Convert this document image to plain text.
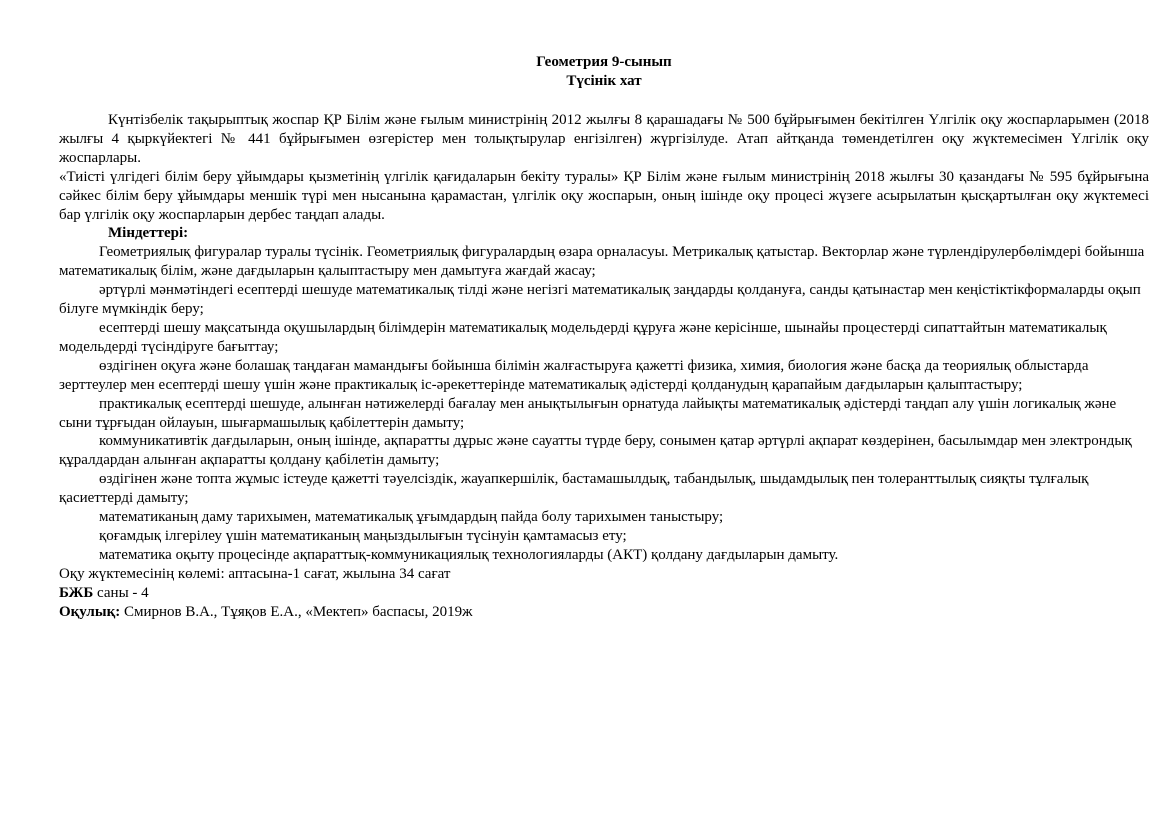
Геометрия 9-сынып

Түсінік хат

Күнтізбелік тақырыптық жоспар ҚР Білім және ғылым министрінің 2012 жылғы 8 қарашадағы № 500 бұйрығымен бекітілген Үлгілік оқу жоспарларымен (2018 жылғы 4 қыркүйектегі № 441 бұйрығымен өзгерістер мен толықтырулар енгізілген) жүргізілуде. Атап айтқанда төмендетілген оқу жүктемесімен Үлгілік оқу жоспарлары.

«Тиісті үлгідегі білім беру ұйымдары қызметінің үлгілік қағидаларын бекіту туралы» ҚР Білім және ғылым министрінің 2018 жылғы 30 қазандағы № 595 бұйрығына сәйкес білім беру ұйымдары меншік түрі мен нысанына қарамастан, үлгілік оқу жоспарын, оның ішінде оқу процесі жүзеге асырылатын қысқартылған оқу жүктемесі бар үлгілік оқу жоспарларын дербес таңдап алады.

Міндеттері:

Геометриялық фигуралар туралы түсінік. Геометриялық фигуралардың өзара орналасуы. Метрикалық қатыстар. Векторлар және түрлендірулербөлімдері бойынша математикалық білім, және дағдыларын қалыптастыру мен дамытуға жағдай жасау;

әртүрлі мәнмәтіндегі есептерді шешуде математикалық тілді және негізгі математикалық заңдарды қолдануға, санды қатынастар мен кеңістіктікформаларды оқып білуге мүмкіндік беру;

есептерді шешу мақсатында оқушылардың білімдерін математикалық модельдерді құруға және керісінше, шынайы процестерді сипаттайтын математикалық модельдерді түсіндіруге бағыттау;

өздігінен оқуға және болашақ таңдаған мамандығы бойынша білімін жалғастыруға қажетті физика, химия, биология және басқа да теориялық облыстарда зерттеулер мен есептерді шешу үшін және практикалық іс-әрекеттерінде математикалық әдістерді қолданудың қарапайым дағдыларын қалыптастыру;

практикалық есептерді шешуде, алынған нәтижелерді бағалау мен анықтылығын орнатуда лайықты математикалық әдістерді таңдап алу үшін логикалық және сыни тұрғыдан ойлауын, шығармашылық қабілеттерін дамыту;

коммуникативтік дағдыларын, оның ішінде, ақпаратты дұрыс және сауатты түрде беру, сонымен қатар әртүрлі ақпарат көздерінен, басылымдар мен электрондық құралдардан алынған ақпаратты қолдану қабілетін дамыту;

өздігінен және топта жұмыс істеуде қажетті тәуелсіздік, жауапкершілік, бастамашылдық, табандылық, шыдамдылық пен толеранттылық сияқты тұлғалық қасиеттерді дамыту;

математиканың даму тарихымен, математикалық ұғымдардың пайда болу тарихымен таныстыру;

қоғамдық ілгерілеу үшін математиканың маңыздылығын түсінуін қамтамасыз ету;

математика оқыту процесінде ақпараттық-коммуникациялық технологияларды (АКТ) қолдану дағдыларын дамыту.

Оқу жүктемесінің көлемі: аптасына-1 сағат, жылына 34 сағат

БЖБ саны - 4

Оқулық: Смирнов В.А., Тұяқов Е.А., «Мектеп» баспасы, 2019ж
